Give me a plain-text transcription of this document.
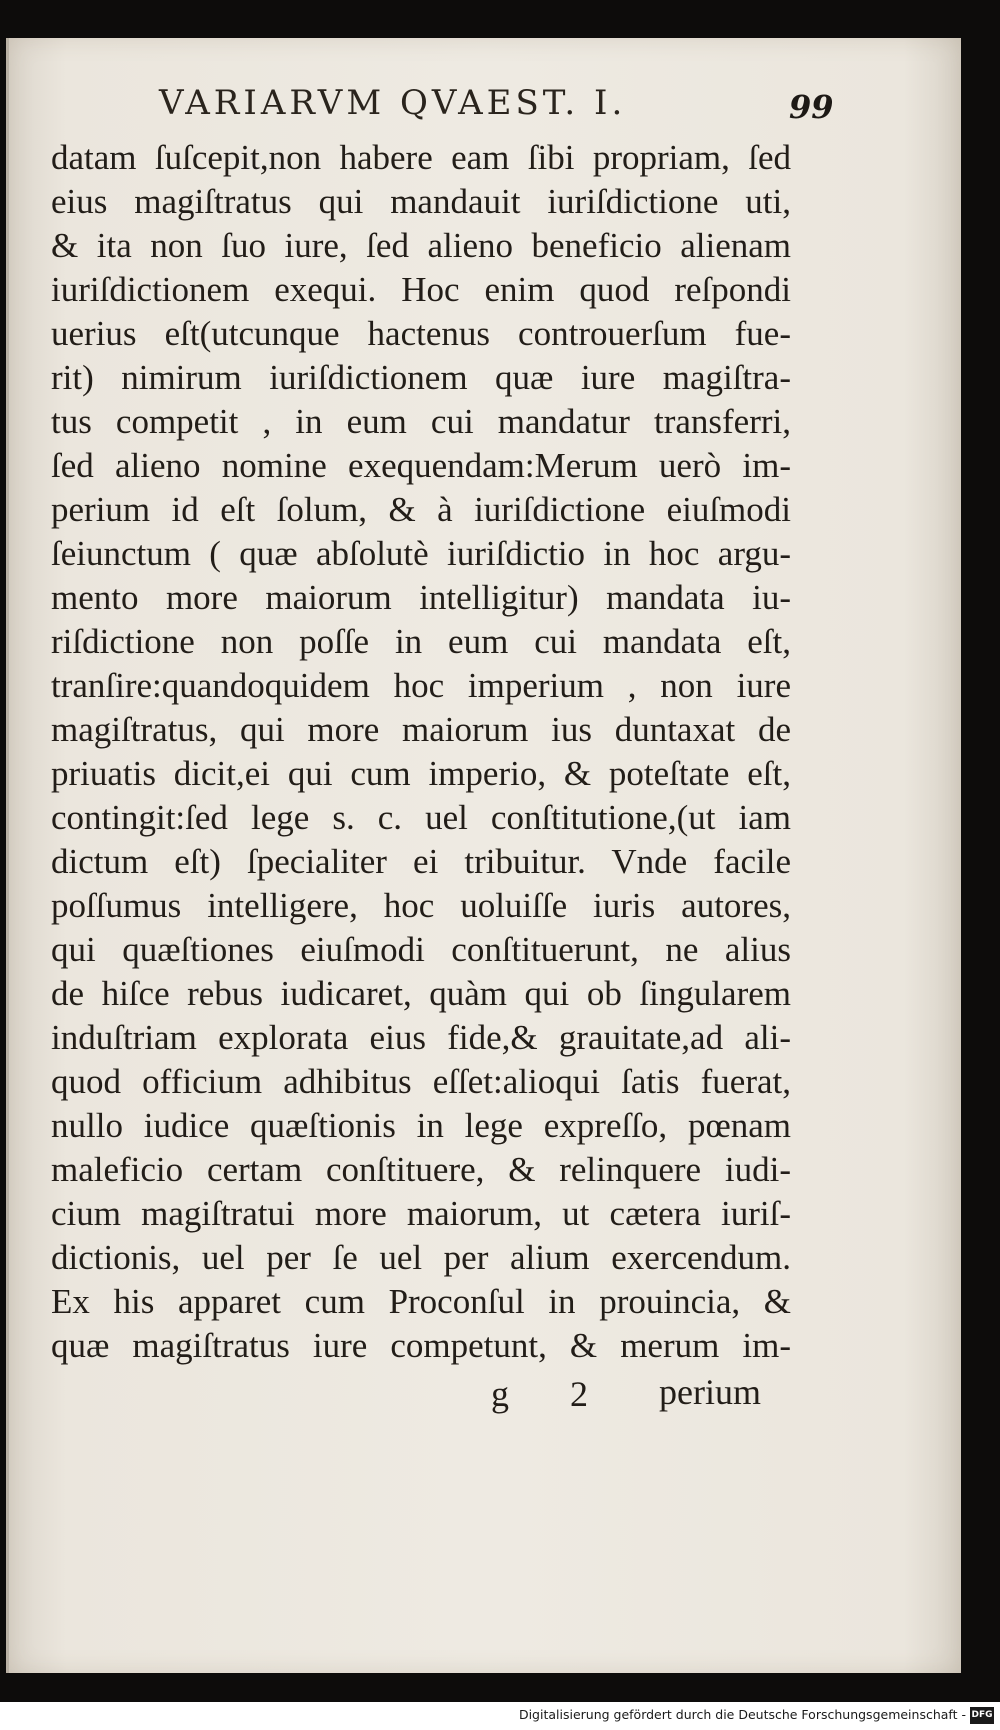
VARIARVM QVAEST. I.	99
datam ſuſcepit,non habere eam ſibi propriam, ſed
eius magiſtratus qui mandauit iuriſdictione uti,
& ita non ſuo iure, ſed alieno beneficio alienam
iuriſdictionem exequi. Hoc enim quod reſpondi
uerius eſt(utcunque hactenus controuerſum fue-
rit) nimirum iuriſdictionem quæ iure magiſtra-
tus competit , in eum cui mandatur transferri,
ſed alieno nomine exequendam:Merum uerò im-
perium id eſt ſolum, & à iuriſdictione eiuſmodi
ſeiunctum ( quæ abſolutè iuriſdictio in hoc argu-
mento more maiorum intelligitur) mandata iu-
riſdictione non poſſe in eum cui mandata eſt,
tranſire:quandoquidem hoc imperium , non iure
magiſtratus, qui more maiorum ius duntaxat de
priuatis dicit,ei qui cum imperio, & poteſtate eſt,
contingit:ſed lege s. c. uel conſtitutione,(ut iam
dictum eſt) ſpecialiter ei tribuitur. Vnde facile
poſſumus intelligere, hoc uoluiſſe iuris autores,
qui quæſtiones eiuſmodi conſtituerunt, ne alius
de hiſce rebus iudicaret, quàm qui ob ſingularem
induſtriam explorata eius fide,& grauitate,ad ali-
quod officium adhibitus eſſet:alioqui ſatis fuerat,
nullo iudice quæſtionis in lege expreſſo, pœnam
maleficio certam conſtituere, & relinquere iudi-
cium magiſtratui more maiorum, ut cætera iuriſ-
dictionis, uel per ſe uel per alium exercendum.
Ex his apparet cum Proconſul in prouincia, &
quæ magiſtratus iure competunt, & merum im-
g 2 perium
Digitalisierung gefördert durch die Deutsche Forschungsgemeinschaft - DFG
